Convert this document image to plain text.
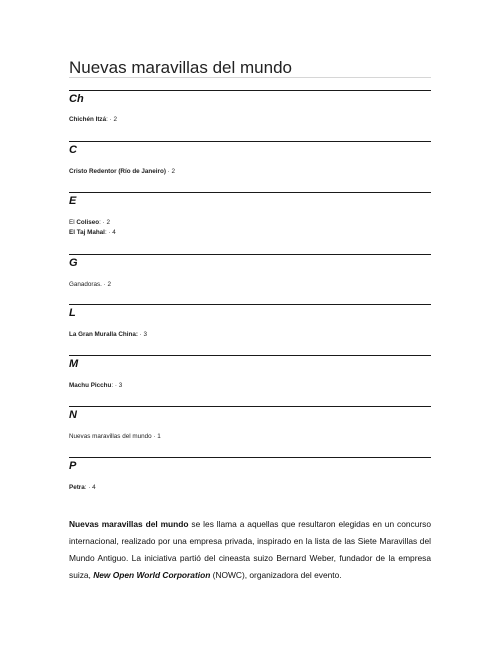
Nuevas maravillas del mundo
Ch

Chichén Itzá: · 2

C

Cristo Redentor (Río de Janeiro) · 2

E

El Coliseo: · 2

El Taj Mahal: · 4

G

Ganadoras. · 2

L

La Gran Muralla China: · 3

M

Machu Picchu: · 3

N

Nuevas maravillas del mundo · 1

P

Petra: · 4

Nuevas maravillas del mundo se les llama a aquellas que resultaron elegidas en un concurso internacional, realizado por una empresa privada, inspirado en la lista de las Siete Maravillas del Mundo Antiguo. La iniciativa partió del cineasta suizo Bernard Weber, fundador de la empresa suiza, New Open World Corporation (NOWC), organizadora del evento.
